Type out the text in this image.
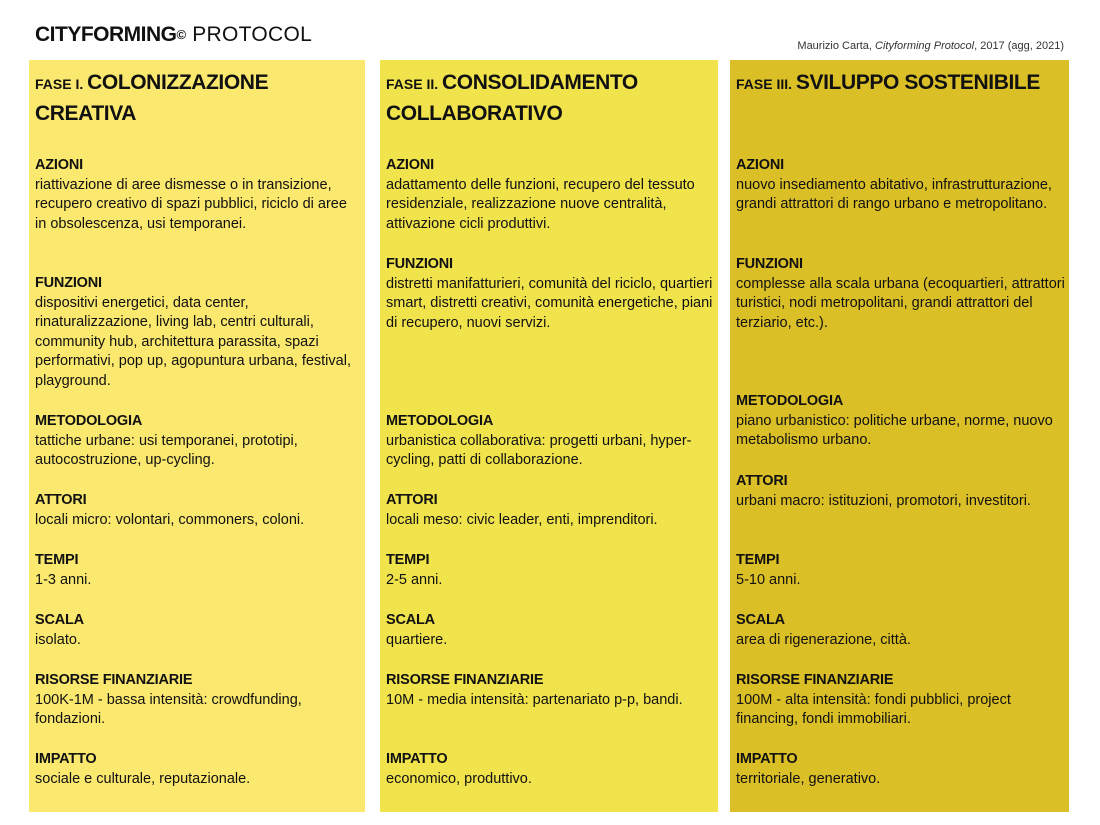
CITYFORMING© PROTOCOL	Maurizio Carta, Cityforming Protocol, 2017 (agg, 2021)
FASE I. COLONIZZAZIONE CREATIVA
AZIONI
riattivazione di aree dismesse o in transizione, recupero creativo di spazi pubblici, riciclo di aree in obsolescenza, usi temporanei.
FUNZIONI
dispositivi energetici, data center, rinaturalizzazione, living lab, centri culturali, community hub, architettura parassita, spazi performativi, pop up, agopuntura urbana, festival, playground.
METODOLOGIA
tattiche urbane: usi temporanei, prototipi, autocostruzione, up-cycling.
ATTORI
locali micro: volontari, commoners, coloni.
TEMPI
1-3 anni.
SCALA
isolato.
RISORSE FINANZIARIE
100K-1M - bassa intensità: crowdfunding, fondazioni.
IMPATTO
sociale e culturale, reputazionale.
FASE II. CONSOLIDAMENTO COLLABORATIVO
AZIONI
adattamento delle funzioni, recupero del tessuto residenziale, realizzazione nuove centralità, attivazione cicli produttivi.
FUNZIONI
distretti manifatturieri, comunità del riciclo, quartieri smart, distretti creativi, comunità energetiche, piani di recupero, nuovi servizi.
METODOLOGIA
urbanistica collaborativa: progetti urbani, hyper-cycling, patti di collaborazione.
ATTORI
locali meso: civic leader, enti, imprenditori.
TEMPI
2-5 anni.
SCALA
quartiere.
RISORSE FINANZIARIE
10M - media intensità: partenariato p-p, bandi.
IMPATTO
economico, produttivo.
FASE III. SVILUPPO SOSTENIBILE
AZIONI
nuovo insediamento abitativo, infrastrutturazione, grandi attrattori di rango urbano e metropolitano.
FUNZIONI
complesse alla scala urbana (ecoquartieri, attrattori turistici, nodi metropolitani, grandi attrattori del terziario, etc.).
METODOLOGIA
piano urbanistico: politiche urbane, norme, nuovo metabolismo urbano.
ATTORI
urbani macro: istituzioni, promotori, investitori.
TEMPI
5-10 anni.
SCALA
area di rigenerazione, città.
RISORSE FINANZIARIE
100M - alta intensità: fondi pubblici, project financing, fondi immobiliari.
IMPATTO
territoriale, generativo.
